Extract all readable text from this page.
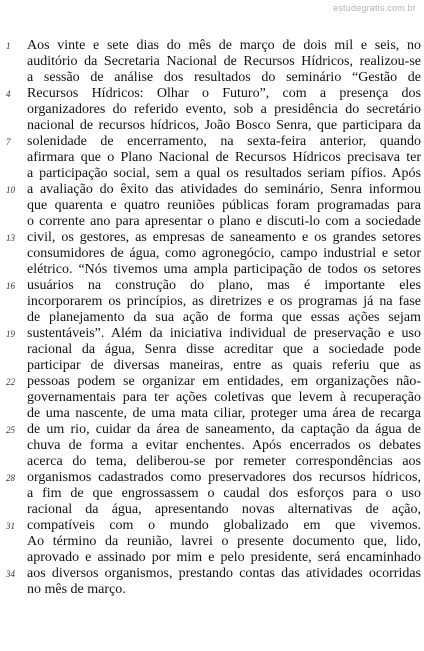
estudegratis.com.br
1	Aos vinte e sete dias do mês de março de dois mil e seis, no
auditório da Secretaria Nacional de Recursos Hídricos, realizou-se
a sessão de análise dos resultados do seminário “Gestão de
4	Recursos Hídricos: Olhar o Futuro”, com a presença dos
organizadores do referido evento, sob a presidência do secretário
nacional de recursos hídricos, João Bosco Senra, que participara da
7	solenidade de encerramento, na sexta-feira anterior, quando
afirmara que o Plano Nacional de Recursos Hídricos precisava ter
a participação social, sem a qual os resultados seriam pífios. Após
10 a avaliação do êxito das atividades do seminário, Senra informou
que quarenta e quatro reuniões públicas foram programadas para
o corrente ano para apresentar o plano e discuti-lo com a sociedade
13 civil, os gestores, as empresas de saneamento e os grandes setores
consumidores de água, como agronegócio, campo industrial e setor
elétrico. “Nós tivemos uma ampla participação de todos os setores
16 usuários na construção do plano, mas é importante eles
incorporarem os princípios, as diretrizes e os programas já na fase
de planejamento da sua ação de forma que essas ações sejam
19 sustentáveis”. Além da iniciativa individual de preservação e uso
racional da água, Senra disse acreditar que a sociedade pode
participar de diversas maneiras, entre as quais referiu que as
22 pessoas podem se organizar em entidades, em organizações não-
governamentais para ter ações coletivas que levem à recuperação
de uma nascente, de uma mata ciliar, proteger uma área de recarga
25 de um rio, cuidar da área de saneamento, da captação da água de
chuva de forma a evitar enchentes. Após encerrados os debates
acerca do tema, deliberou-se por remeter correspondências aos
28 organismos cadastrados como preservadores dos recursos hídricos,
a fim de que engrossassem o caudal dos esforços para o uso
racional da água, apresentando novas alternativas de ação,
31 compatíveis com o mundo globalizado em que vivemos.
Ao término da reunião, lavrei o presente documento que, lido,
aprovado e assinado por mim e pelo presidente, será encaminhado
34 aos diversos organismos, prestando contas das atividades ocorridas
no mês de março.
